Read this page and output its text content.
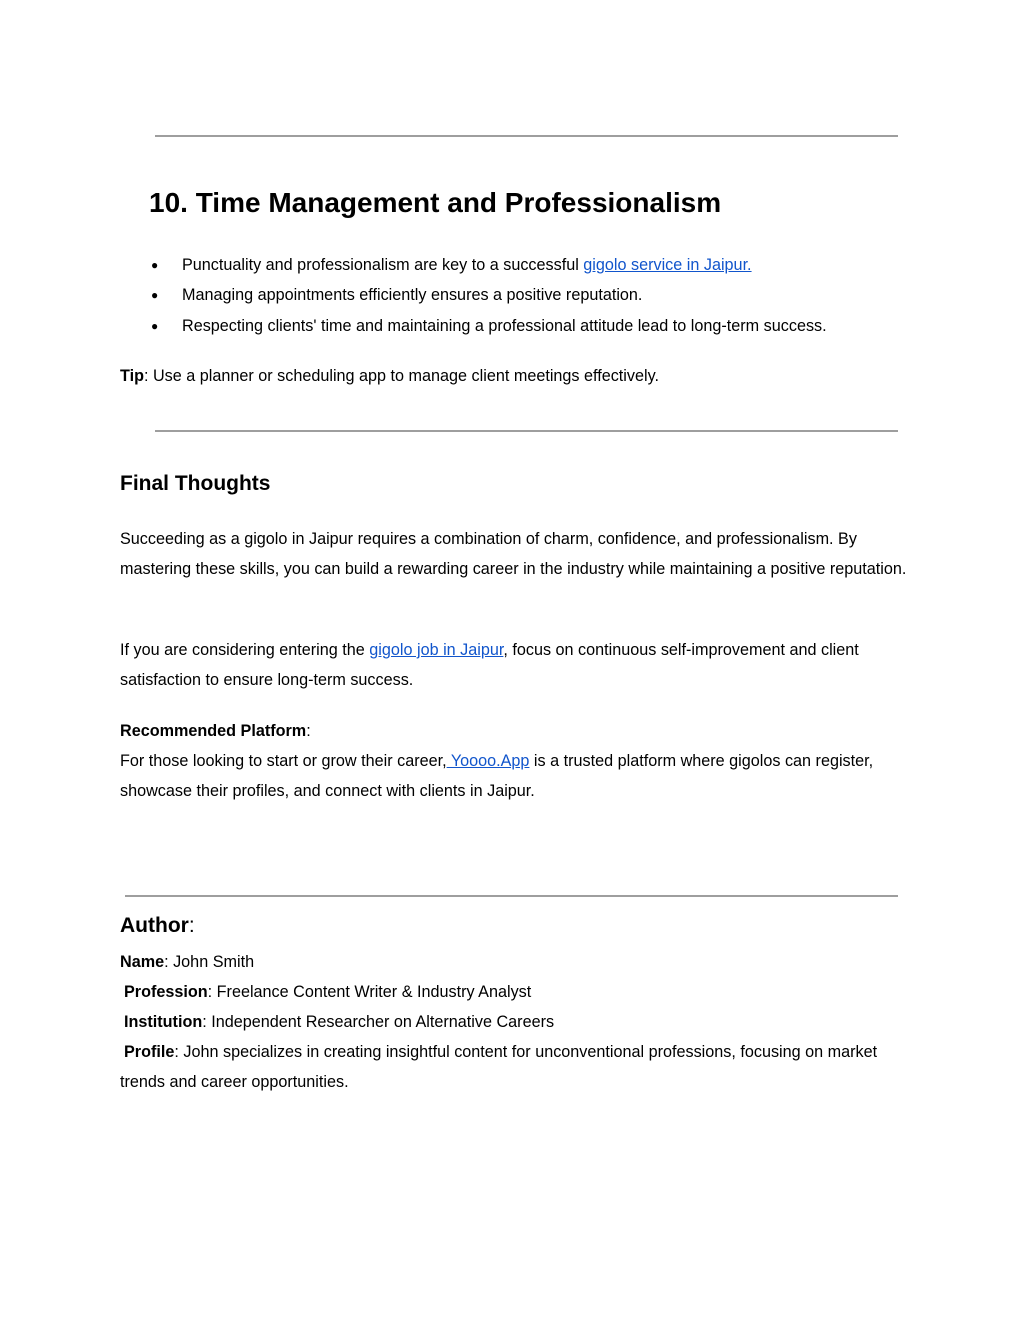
10. Time Management and Professionalism
● Punctuality and professionalism are key to a successful gigolo service in Jaipur.
● Managing appointments efficiently ensures a positive reputation.
● Respecting clients' time and maintaining a professional attitude lead to long-term success.

Tip: Use a planner or scheduling app to manage client meetings effectively.

Final Thoughts

Succeeding as a gigolo in Jaipur requires a combination of charm, confidence, and professionalism. By mastering these skills, you can build a rewarding career in the industry while maintaining a positive reputation.

If you are considering entering the gigolo job in Jaipur, focus on continuous self-improvement and client satisfaction to ensure long-term success.

Recommended Platform:

For those looking to start or grow their career, Yoooo.App is a trusted platform where gigolos can register, showcase their profiles, and connect with clients in Jaipur.

Author:

Name: John Smith

Profession: Freelance Content Writer & Industry Analyst

Institution: Independent Researcher on Alternative Careers

Profile: John specializes in creating insightful content for unconventional professions, focusing on market trends and career opportunities.
